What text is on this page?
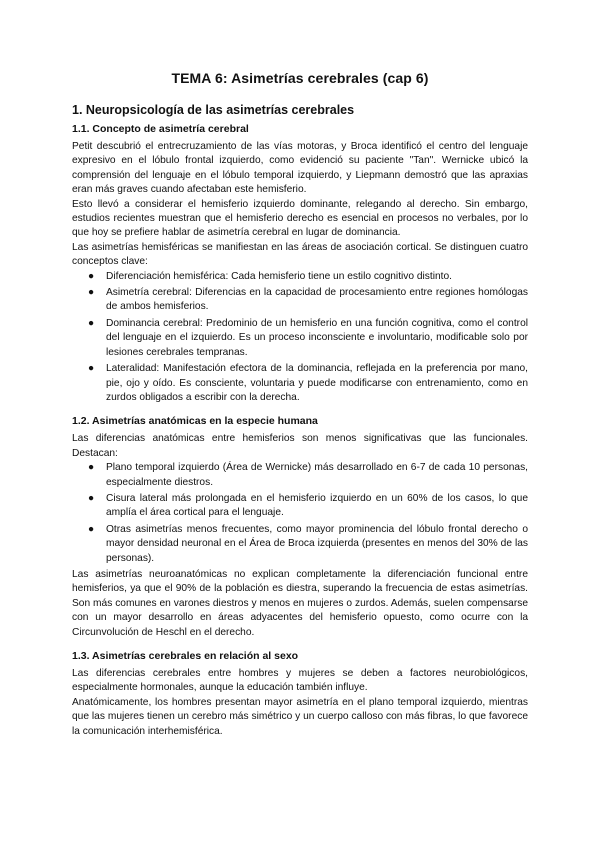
TEMA 6: Asimetrías cerebrales (cap 6)
1. Neuropsicología de las asimetrías cerebrales
1.1. Concepto de asimetría cerebral

Petit descubrió el entrecruzamiento de las vías motoras, y Broca identificó el centro del lenguaje expresivo en el lóbulo frontal izquierdo, como evidenció su paciente "Tan". Wernicke ubicó la comprensión del lenguaje en el lóbulo temporal izquierdo, y Liepmann demostró que las apraxias eran más graves cuando afectaban este hemisferio.

Esto llevó a considerar el hemisferio izquierdo dominante, relegando al derecho. Sin embargo, estudios recientes muestran que el hemisferio derecho es esencial en procesos no verbales, por lo que hoy se prefiere hablar de asimetría cerebral en lugar de dominancia.

Las asimetrías hemisféricas se manifiestan en las áreas de asociación cortical. Se distinguen cuatro conceptos clave:

● Diferenciación hemisférica: Cada hemisferio tiene un estilo cognitivo distinto.
● Asimetría cerebral: Diferencias en la capacidad de procesamiento entre regiones homólogas de ambos hemisferios.
● Dominancia cerebral: Predominio de un hemisferio en una función cognitiva, como el control del lenguaje en el izquierdo. Es un proceso inconsciente e involuntario, modificable solo por lesiones cerebrales tempranas.
● Lateralidad: Manifestación efectora de la dominancia, reflejada en la preferencia por mano, pie, ojo y oído. Es consciente, voluntaria y puede modificarse con entrenamiento, como en zurdos obligados a escribir con la derecha.
1.2. Asimetrías anatómicas en la especie humana

Las diferencias anatómicas entre hemisferios son menos significativas que las funcionales. Destacan:

● Plano temporal izquierdo (Área de Wernicke) más desarrollado en 6-7 de cada 10 personas, especialmente diestros.
● Cisura lateral más prolongada en el hemisferio izquierdo en un 60% de los casos, lo que amplía el área cortical para el lenguaje.
● Otras asimetrías menos frecuentes, como mayor prominencia del lóbulo frontal derecho o mayor densidad neuronal en el Área de Broca izquierda (presentes en menos del 30% de las personas).

Las asimetrías neuroanatómicas no explican completamente la diferenciación funcional entre hemisferios, ya que el 90% de la población es diestra, superando la frecuencia de estas asimetrías. Son más comunes en varones diestros y menos en mujeres o zurdos. Además, suelen compensarse con un mayor desarrollo en áreas adyacentes del hemisferio opuesto, como ocurre con la Circunvolución de Heschl en el derecho.

1.3. Asimetrías cerebrales en relación al sexo

Las diferencias cerebrales entre hombres y mujeres se deben a factores neurobiológicos, especialmente hormonales, aunque la educación también influye.

Anatómicamente, los hombres presentan mayor asimetría en el plano temporal izquierdo, mientras que las mujeres tienen un cerebro más simétrico y un cuerpo calloso con más fibras, lo que favorece la comunicación interhemisférica.
